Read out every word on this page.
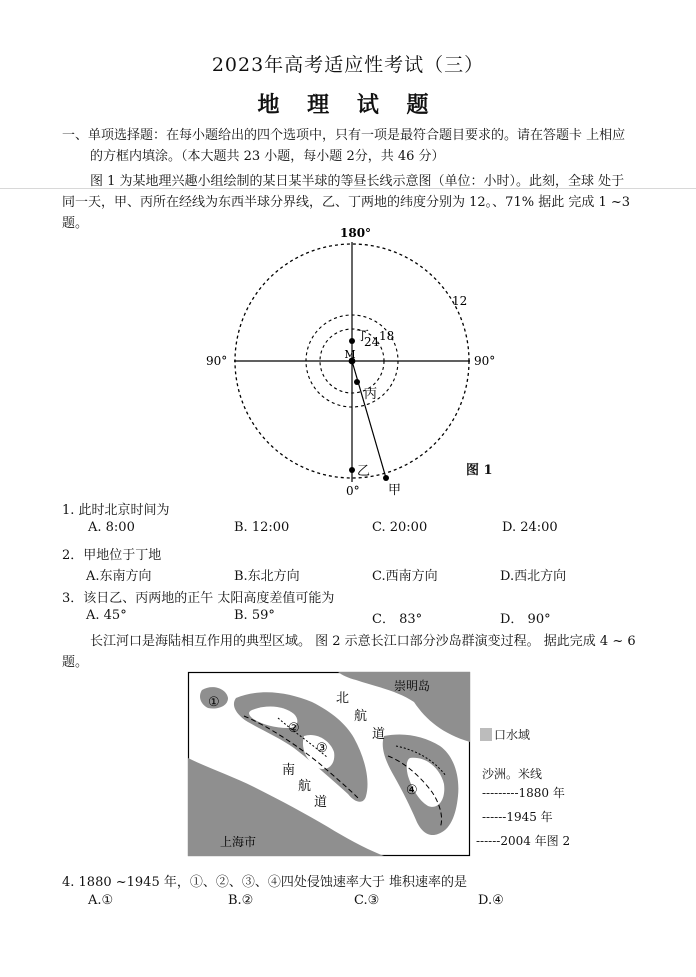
2023年高考适应性考试（三）
地 理 试 题
一、单项选择题：在每小题给出的四个选项中，只有一项是最符合题目要求的。请在答题卡 上相应
的方框内填涂。（本大题共 23 小题，每小题 2分，共 46 分）
图 1 为某地理兴趣小组绘制的某日某半球的等昼长线示意图（单位：小时）。此刻，全球 处于
同一天，甲、丙所在经线为东西半球分界线，乙、丁两地的纬度分别为 12。、71% 据此 完成 1 ~3
题。
180°
0°
90°	90°
12
18
24
M
丁
丙
乙
甲
图 1
1. 此时北京时间为
A. 8:00	B. 12:00	C. 20:00	D. 24:00
2．甲地位于丁地
A.东南方向	B.东北方向	C.西南方向	D.西北方向
3．该日乙、丙两地的正午 太阳高度差值可能为
A. 45°	B. 59°	C． 83°	D． 90°
长江河口是海陆相互作用的典型区域。 图 2 示意长江口部分沙岛群演变过程。 据此完成 4 ~ 6
题。
崇明岛
北
航
道
南
航
道
上海市
①
②
③
④
口水域
沙洲。米线
---------1880 年
------1945 年
------2004 年图 2
4. 1880 ~1945 年，①、②、③、④四处侵蚀速率大于 堆积速率的是
A.①	B.②	C.③	D.④
